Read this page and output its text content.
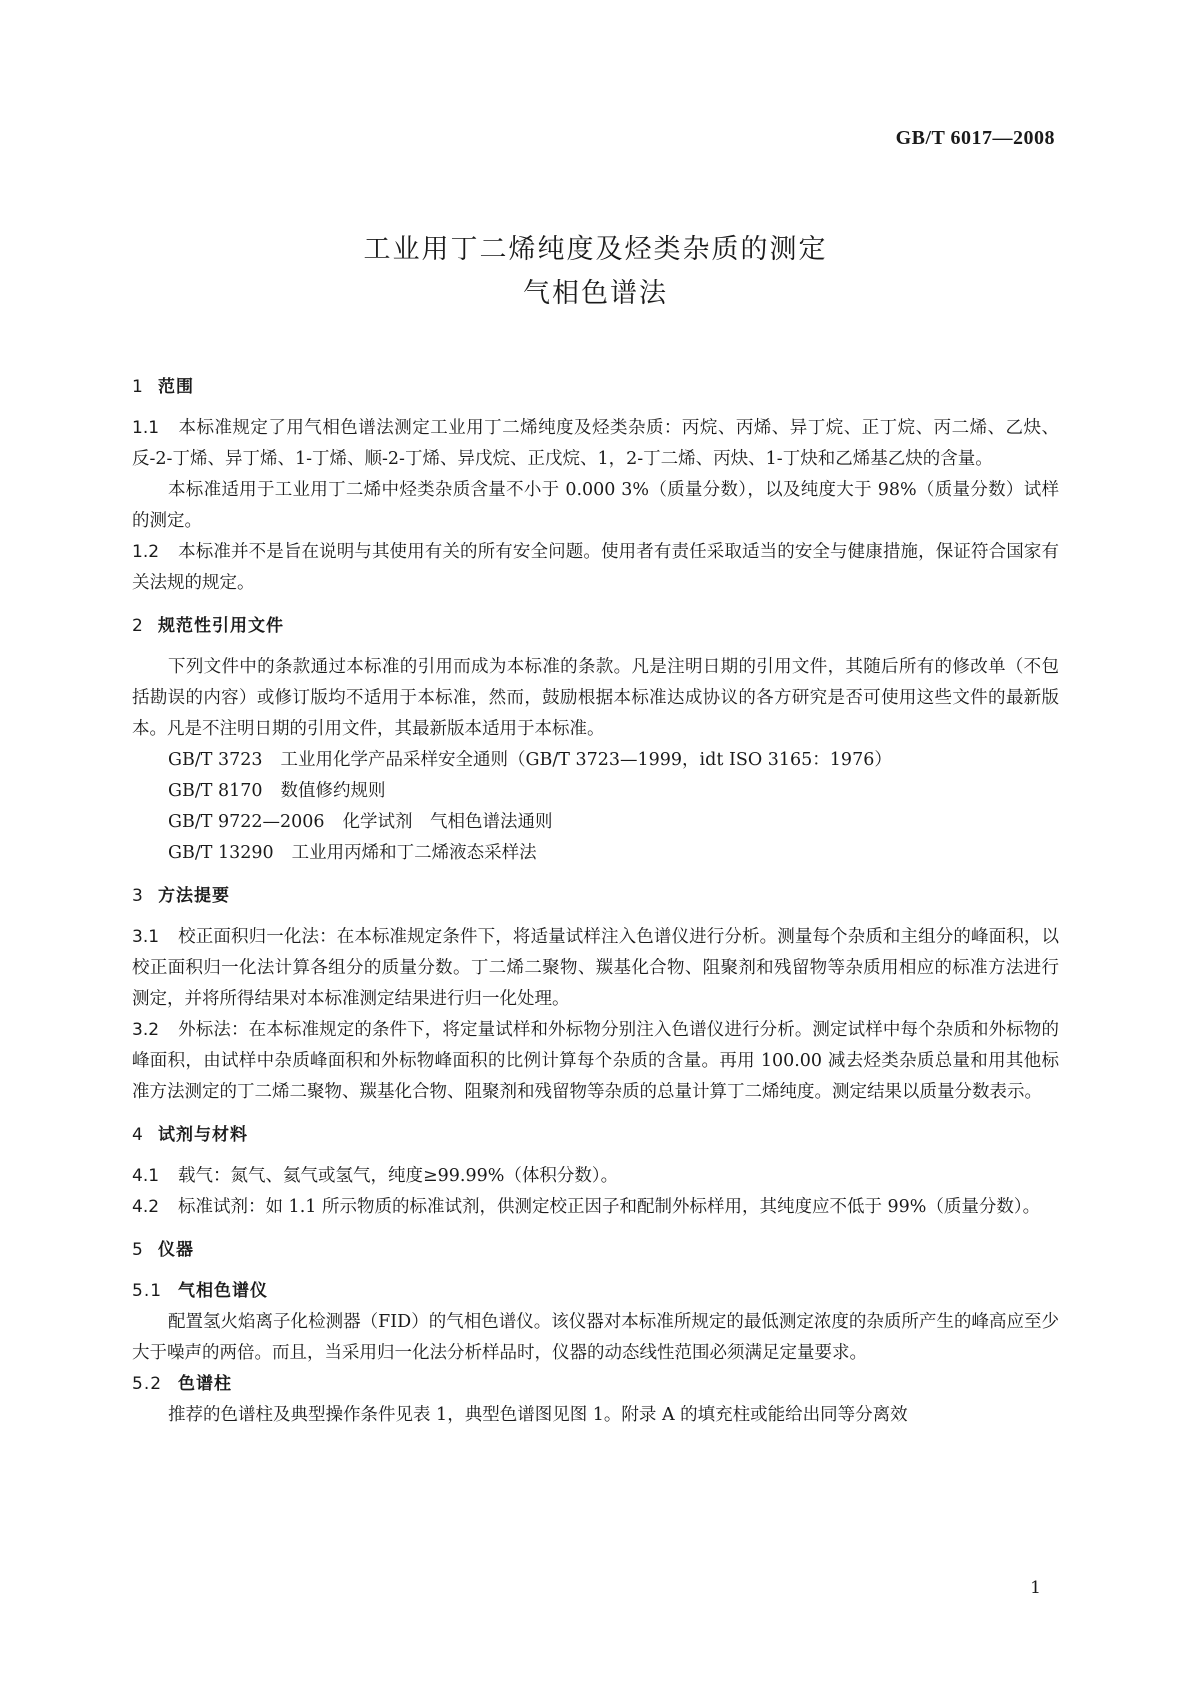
GB/T 6017—2008
工业用丁二烯纯度及烃类杂质的测定
气相色谱法
1 范围

1.1 本标准规定了用气相色谱法测定工业用丁二烯纯度及烃类杂质：丙烷、丙烯、异丁烷、正丁烷、丙二烯、乙炔、反-2-丁烯、异丁烯、1-丁烯、顺-2-丁烯、异戊烷、正戊烷、1，2-丁二烯、丙炔、1-丁炔和乙烯基乙炔的含量。

本标准适用于工业用丁二烯中烃类杂质含量不小于 0.000 3%（质量分数），以及纯度大于 98%（质量分数）试样的测定。

1.2 本标准并不是旨在说明与其使用有关的所有安全问题。使用者有责任采取适当的安全与健康措施，保证符合国家有关法规的规定。

2 规范性引用文件

下列文件中的条款通过本标准的引用而成为本标准的条款。凡是注明日期的引用文件，其随后所有的修改单（不包括勘误的内容）或修订版均不适用于本标准，然而，鼓励根据本标准达成协议的各方研究是否可使用这些文件的最新版本。凡是不注明日期的引用文件，其最新版本适用于本标准。

GB/T 3723 工业用化学产品采样安全通则（GB/T 3723—1999，idt ISO 3165：1976）
GB/T 8170 数值修约规则
GB/T 9722—2006 化学试剂　气相色谱法通则
GB/T 13290 工业用丙烯和丁二烯液态采样法
3 方法提要

3.1 校正面积归一化法：在本标准规定条件下，将适量试样注入色谱仪进行分析。测量每个杂质和主组分的峰面积，以校正面积归一化法计算各组分的质量分数。丁二烯二聚物、羰基化合物、阻聚剂和残留物等杂质用相应的标准方法进行测定，并将所得结果对本标准测定结果进行归一化处理。

3.2 外标法：在本标准规定的条件下，将定量试样和外标物分别注入色谱仪进行分析。测定试样中每个杂质和外标物的峰面积，由试样中杂质峰面积和外标物峰面积的比例计算每个杂质的含量。再用 100.00 减去烃类杂质总量和用其他标准方法测定的丁二烯二聚物、羰基化合物、阻聚剂和残留物等杂质的总量计算丁二烯纯度。测定结果以质量分数表示。

4 试剂与材料

4.1 载气：氮气、氦气或氢气，纯度≥99.99%（体积分数）。

4.2 标准试剂：如 1.1 所示物质的标准试剂，供测定校正因子和配制外标样用，其纯度应不低于 99%（质量分数）。

5 仪器
5.1 气相色谱仪

配置氢火焰离子化检测器（FID）的气相色谱仪。该仪器对本标准所规定的最低测定浓度的杂质所产生的峰高应至少大于噪声的两倍。而且，当采用归一化法分析样品时，仪器的动态线性范围必须满足定量要求。

5.2 色谱柱

推荐的色谱柱及典型操作条件见表 1，典型色谱图见图 1。附录 A 的填充柱或能给出同等分离效

1
